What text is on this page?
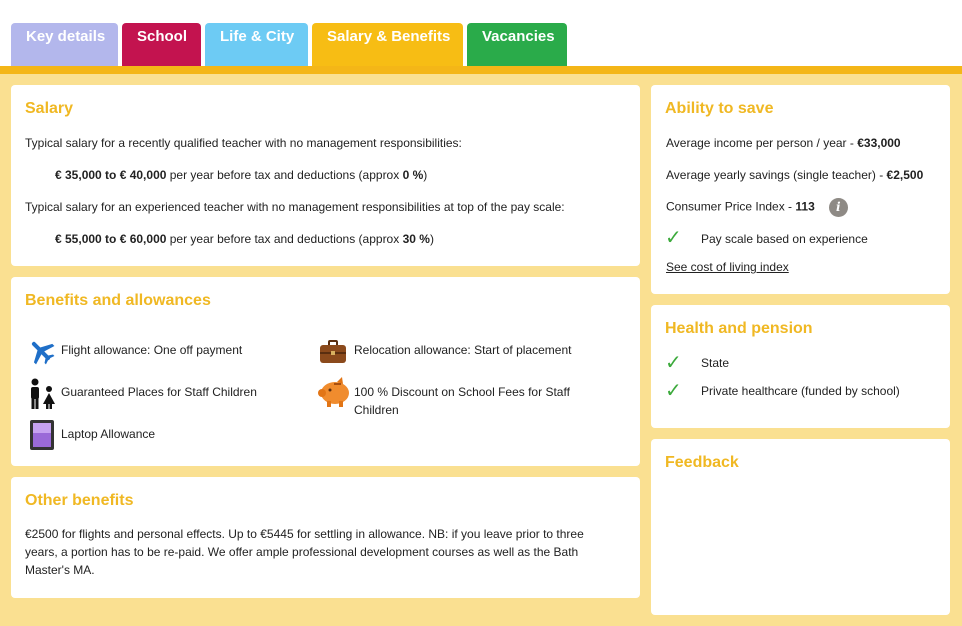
Key details	School	Life & City	Salary & Benefits	Vacancies
Salary
Typical salary for a recently qualified teacher with no management responsibilities:
€ 35,000 to € 40,000 per year before tax and deductions (approx 0 %)
Typical salary for an experienced teacher with no management responsibilities at top of the pay scale:
€ 55,000 to € 60,000 per year before tax and deductions (approx 30 %)
Benefits and allowances
Flight allowance: One off payment	Relocation allowance: Start of placement
Guaranteed Places for Staff Children	100 % Discount on School Fees for Staff
Children
Laptop Allowance
Other benefits
€2500 for flights and personal effects. Up to €5445 for settling in allowance. NB: if you leave prior to three years, a portion has to be re-paid. We offer ample professional development courses as well as the Bath Master's MA.
Ability to save
Average income per person / year - €33,000
Average yearly savings (single teacher) - €2,500
Consumer Price Index - 113 i
✓ Pay scale based on experience
See cost of living index
Health and pension
✓ State
✓ Private healthcare (funded by school)
Feedback
